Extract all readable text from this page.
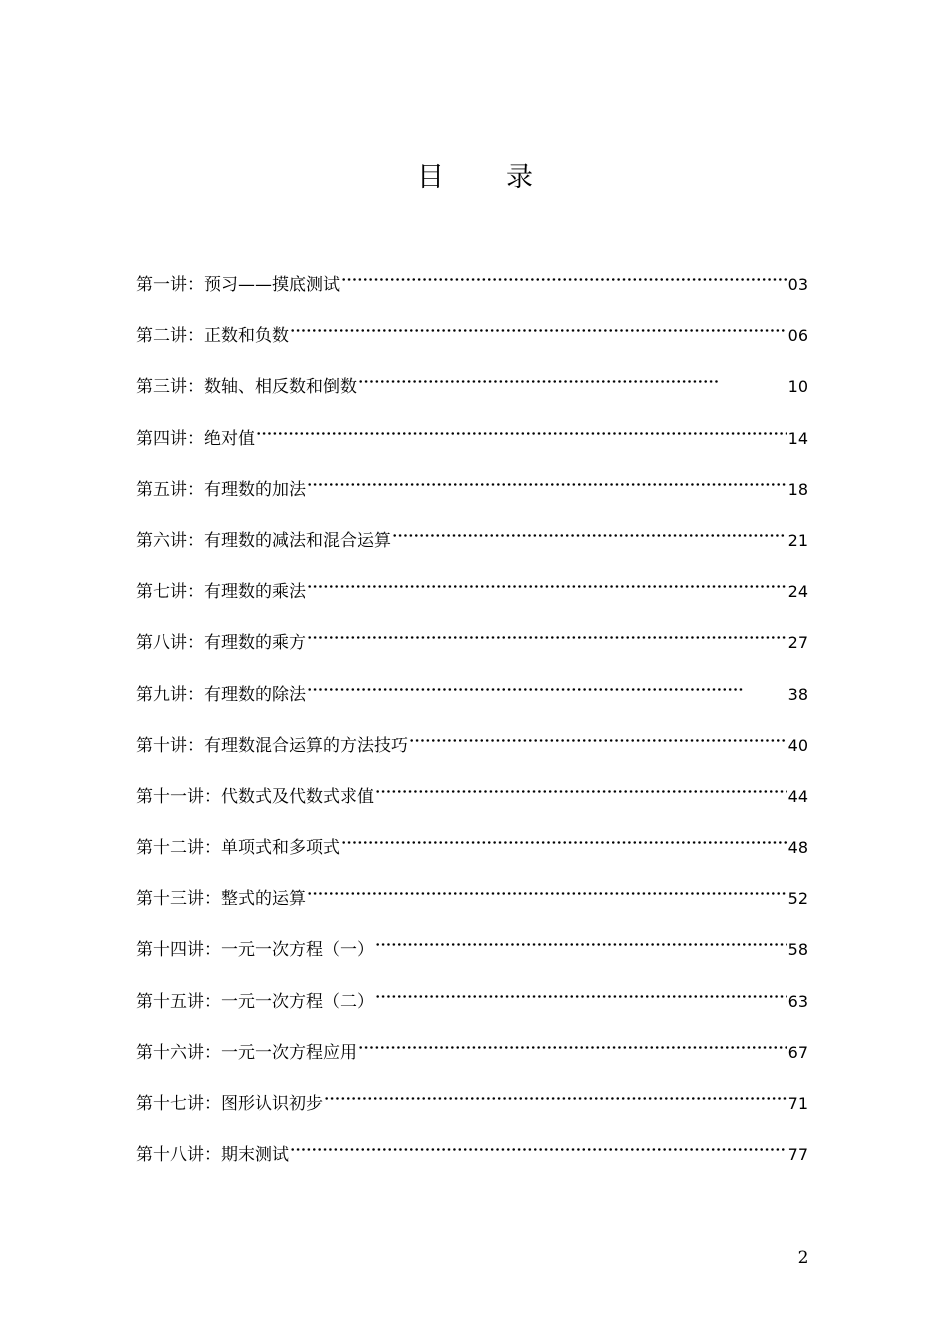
目 录
第一讲：预习——摸底测试	03
第二讲：正数和负数	06
第三讲：数轴、相反数和倒数	10
第四讲：绝对值	14
第五讲：有理数的加法	18
第六讲：有理数的减法和混合运算	21
第七讲：有理数的乘法	24
第八讲：有理数的乘方	27
第九讲：有理数的除法	38
第十讲：有理数混合运算的方法技巧	40
第十一讲：代数式及代数式求值	44
第十二讲：单项式和多项式	48
第十三讲：整式的运算	52
第十四讲：一元一次方程（一）	58
第十五讲：一元一次方程（二）	63
第十六讲：一元一次方程应用	67
第十七讲：图形认识初步	71
第十八讲：期末测试	77
2
